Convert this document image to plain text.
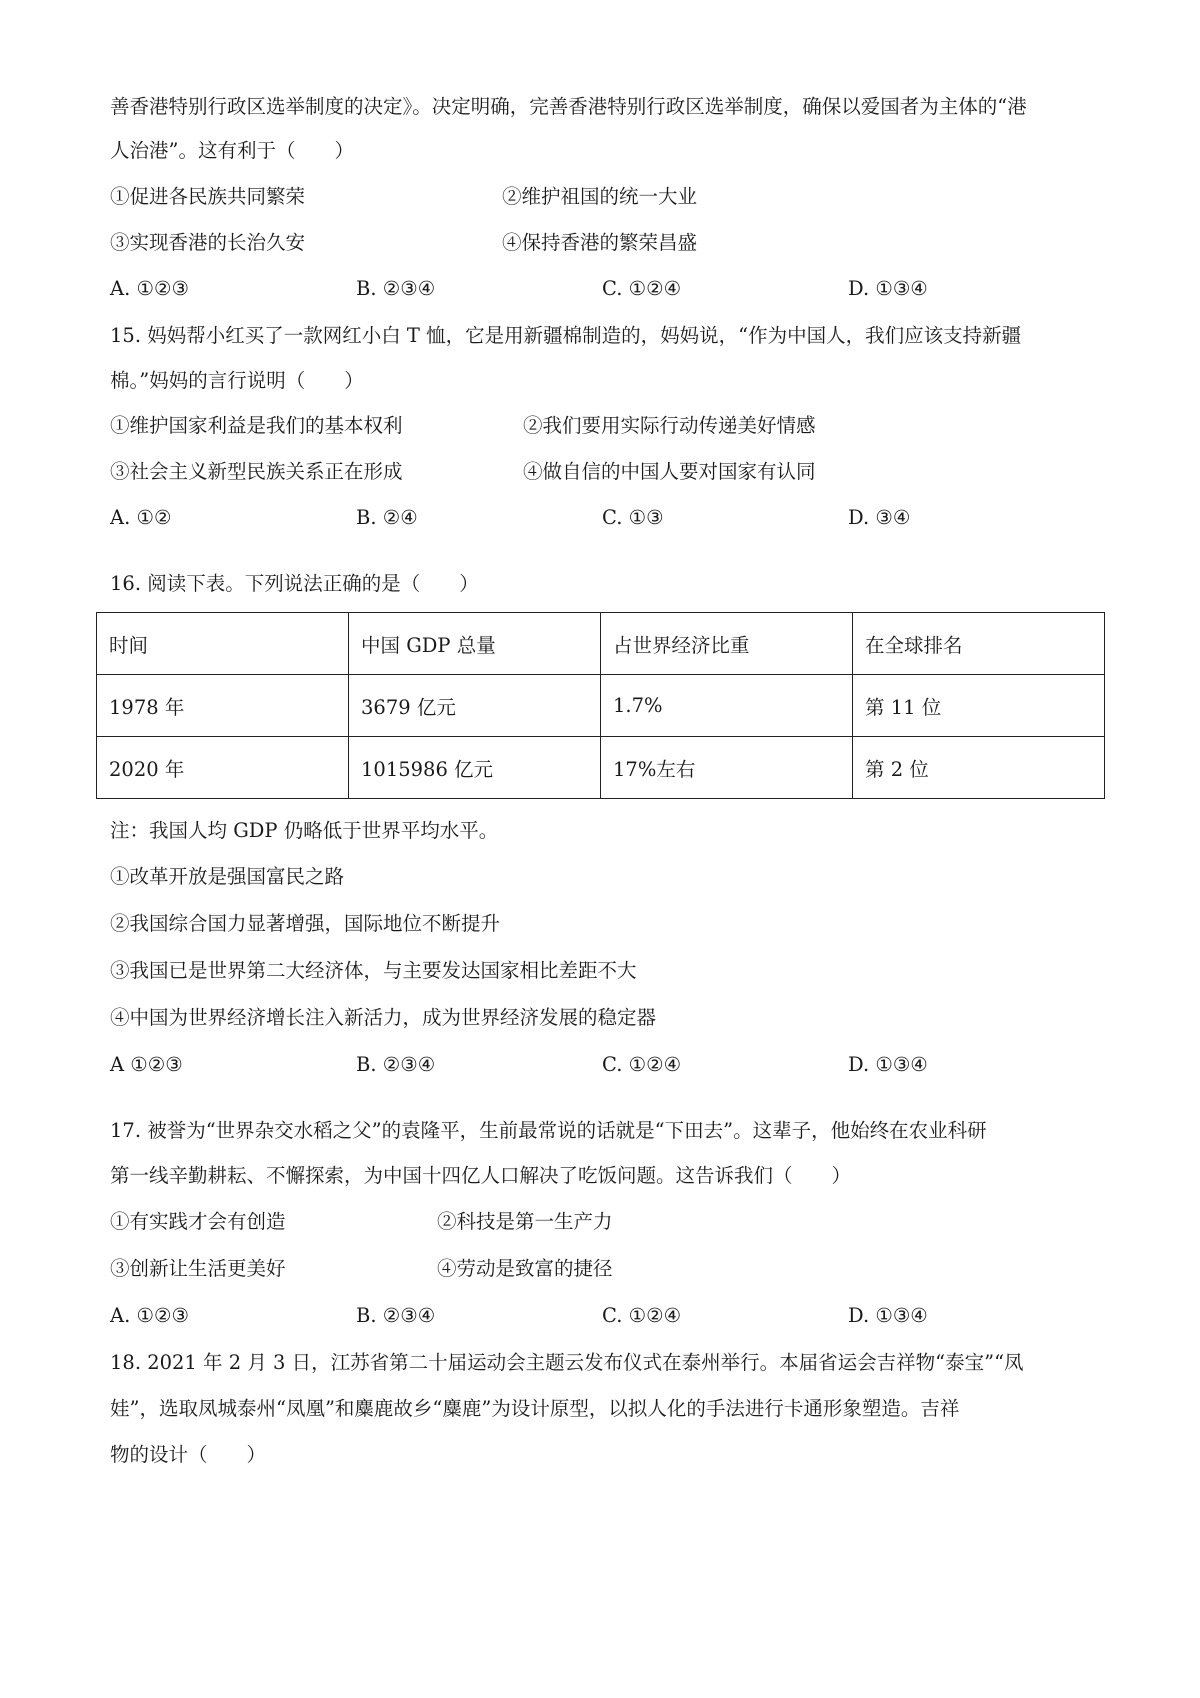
善香港特别行政区选举制度的决定》。决定明确，完善香港特别行政区选举制度，确保以爱国者为主体的“港
人治港”。这有利于（　　）
①促进各民族共同繁荣	②维护祖国的统一大业
③实现香港的长治久安	④保持香港的繁荣昌盛
A. ①②③	B. ②③④	C. ①②④	D. ①③④
15. 妈妈帮小红买了一款网红小白 T 恤，它是用新疆棉制造的，妈妈说，“作为中国人，我们应该支持新疆
棉。”妈妈的言行说明（　　）
①维护国家利益是我们的基本权利	②我们要用实际行动传递美好情感
③社会主义新型民族关系正在形成	④做自信的中国人要对国家有认同
A. ①②	B. ②④	C. ①③	D. ③④
16. 阅读下表。下列说法正确的是（　　）
时间	中国 GDP 总量	占世界经济比重	在全球排名
1978 年	3679 亿元	1.7%	第 11 位
2020 年	1015986 亿元	17%左右	第 2 位
注：我国人均 GDP 仍略低于世界平均水平。
①改革开放是强国富民之路
②我国综合国力显著增强，国际地位不断提升
③我国已是世界第二大经济体，与主要发达国家相比差距不大
④中国为世界经济增长注入新活力，成为世界经济发展的稳定器
A ①②③	B. ②③④	C. ①②④	D. ①③④
17. 被誉为“世界杂交水稻之父”的袁隆平，生前最常说的话就是“下田去”。这辈子，他始终在农业科研
第一线辛勤耕耘、不懈探索，为中国十四亿人口解决了吃饭问题。这告诉我们（　　）
①有实践才会有创造	②科技是第一生产力
③创新让生活更美好	④劳动是致富的捷径
A. ①②③	B. ②③④	C. ①②④	D. ①③④
18. 2021 年 2 月 3 日，江苏省第二十届运动会主题云发布仪式在泰州举行。本届省运会吉祥物“泰宝”“凤
娃”，选取凤城泰州“凤凰”和麋鹿故乡“麋鹿”为设计原型，以拟人化的手法进行卡通形象塑造。吉祥
物的设计（　　）
